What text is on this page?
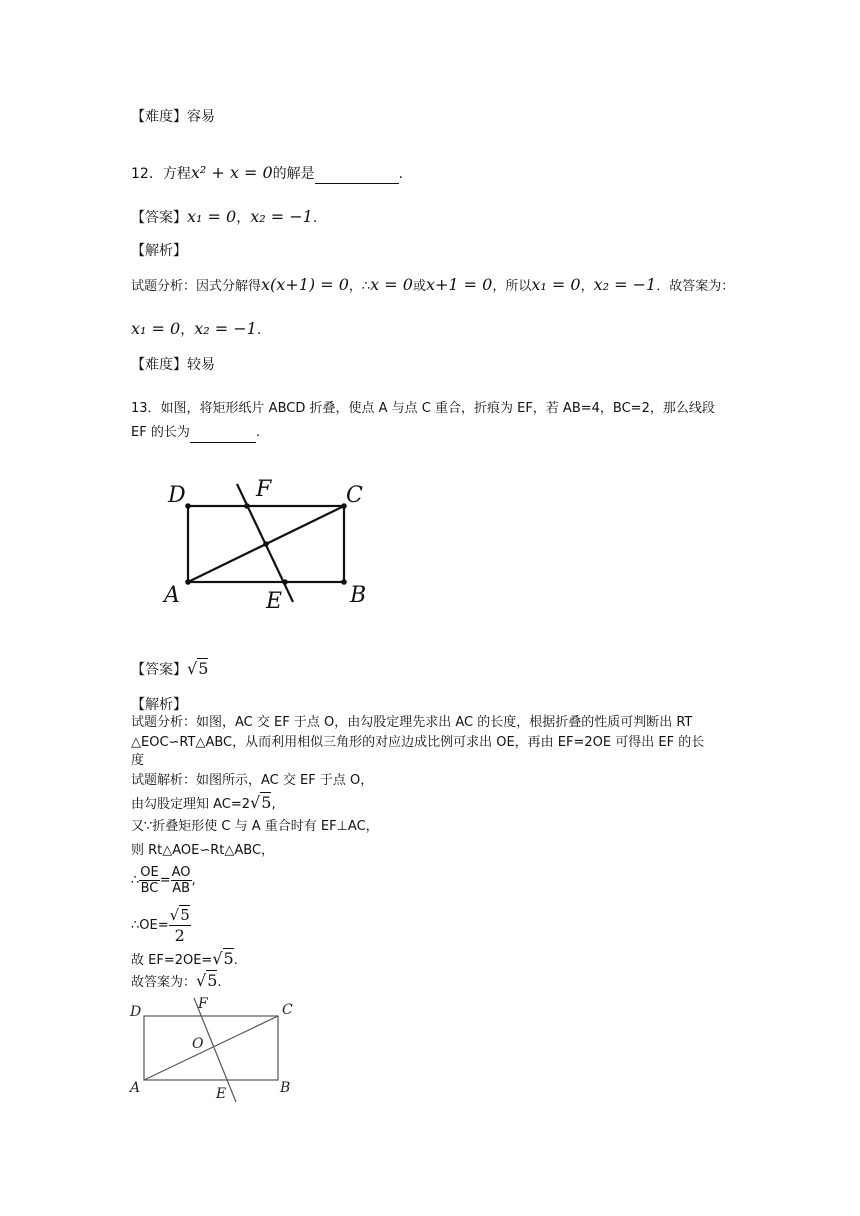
【难度】容易
12．方程x² + x = 0的解是	.
【答案】x₁ = 0，x₂ = −1.
【解析】
试题分析：因式分解得x(x+1) = 0，∴x = 0或x+1 = 0，所以x₁ = 0，x₂ = −1．故答案为：
x₁ = 0，x₂ = −1.
【难度】较易
13．如图，将矩形纸片 ABCD 折叠，使点 A 与点 C 重合，折痕为 EF，若 AB=4，BC=2，那么线段
EF 的长为	.
D	F	C
A	E	B
【答案】√5
【解析】
试题分析：如图，AC 交 EF 于点 O，由勾股定理先求出 AC 的长度，根据折叠的性质可判断出 RT
△EOC∽RT△ABC，从而利用相似三角形的对应边成比例可求出 OE，再由 EF=2OE 可得出 EF 的长
度
试题解析：如图所示，AC 交 EF 于点 O，
由勾股定理知 AC=2√5,
又∵折叠矩形使 C 与 A 重合时有 EF⊥AC，
则 Rt△AOE∽Rt△ABC，
∴ $\frac{OE}{BC} = \frac{AO}{AB}$ ,
∴OE= $\frac{√5}{2}$
故 EF=2OE=√5.
故答案为：√5.
D	F	C
O
A	E	B
